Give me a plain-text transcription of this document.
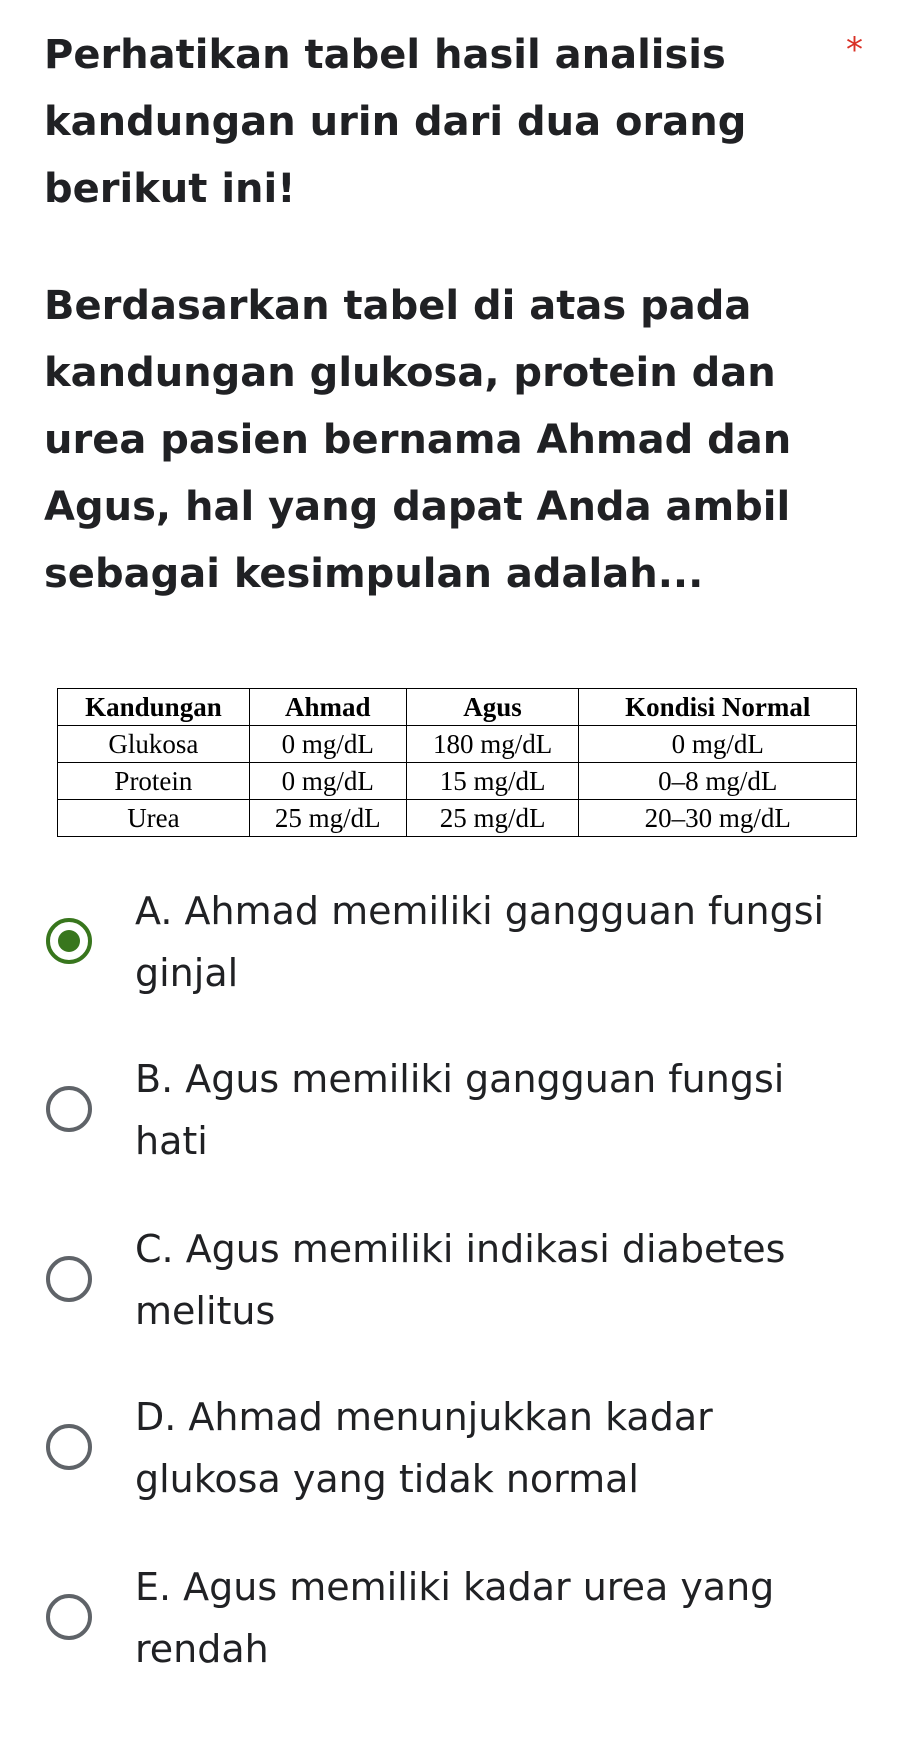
Perhatikan tabel hasil analisis kandungan urin dari dua orang berikut ini!

Berdasarkan tabel di atas pada kandungan glukosa, protein dan urea pasien bernama Ahmad dan Agus, hal yang dapat Anda ambil sebagai kesimpulan adalah...

*
Kandungan	Ahmad	Agus	Kondisi Normal
Glukosa	0 mg/dL	180 mg/dL	0 mg/dL
Protein	0 mg/dL	15 mg/dL	0–8 mg/dL
Urea	25 mg/dL	25 mg/dL	20–30 mg/dL
A. Ahmad memiliki gangguan fungsi ginjal
B. Agus memiliki gangguan fungsi hati
C. Agus memiliki indikasi diabetes melitus
D. Ahmad menunjukkan kadar glukosa yang tidak normal
E. Agus memiliki kadar urea yang rendah
